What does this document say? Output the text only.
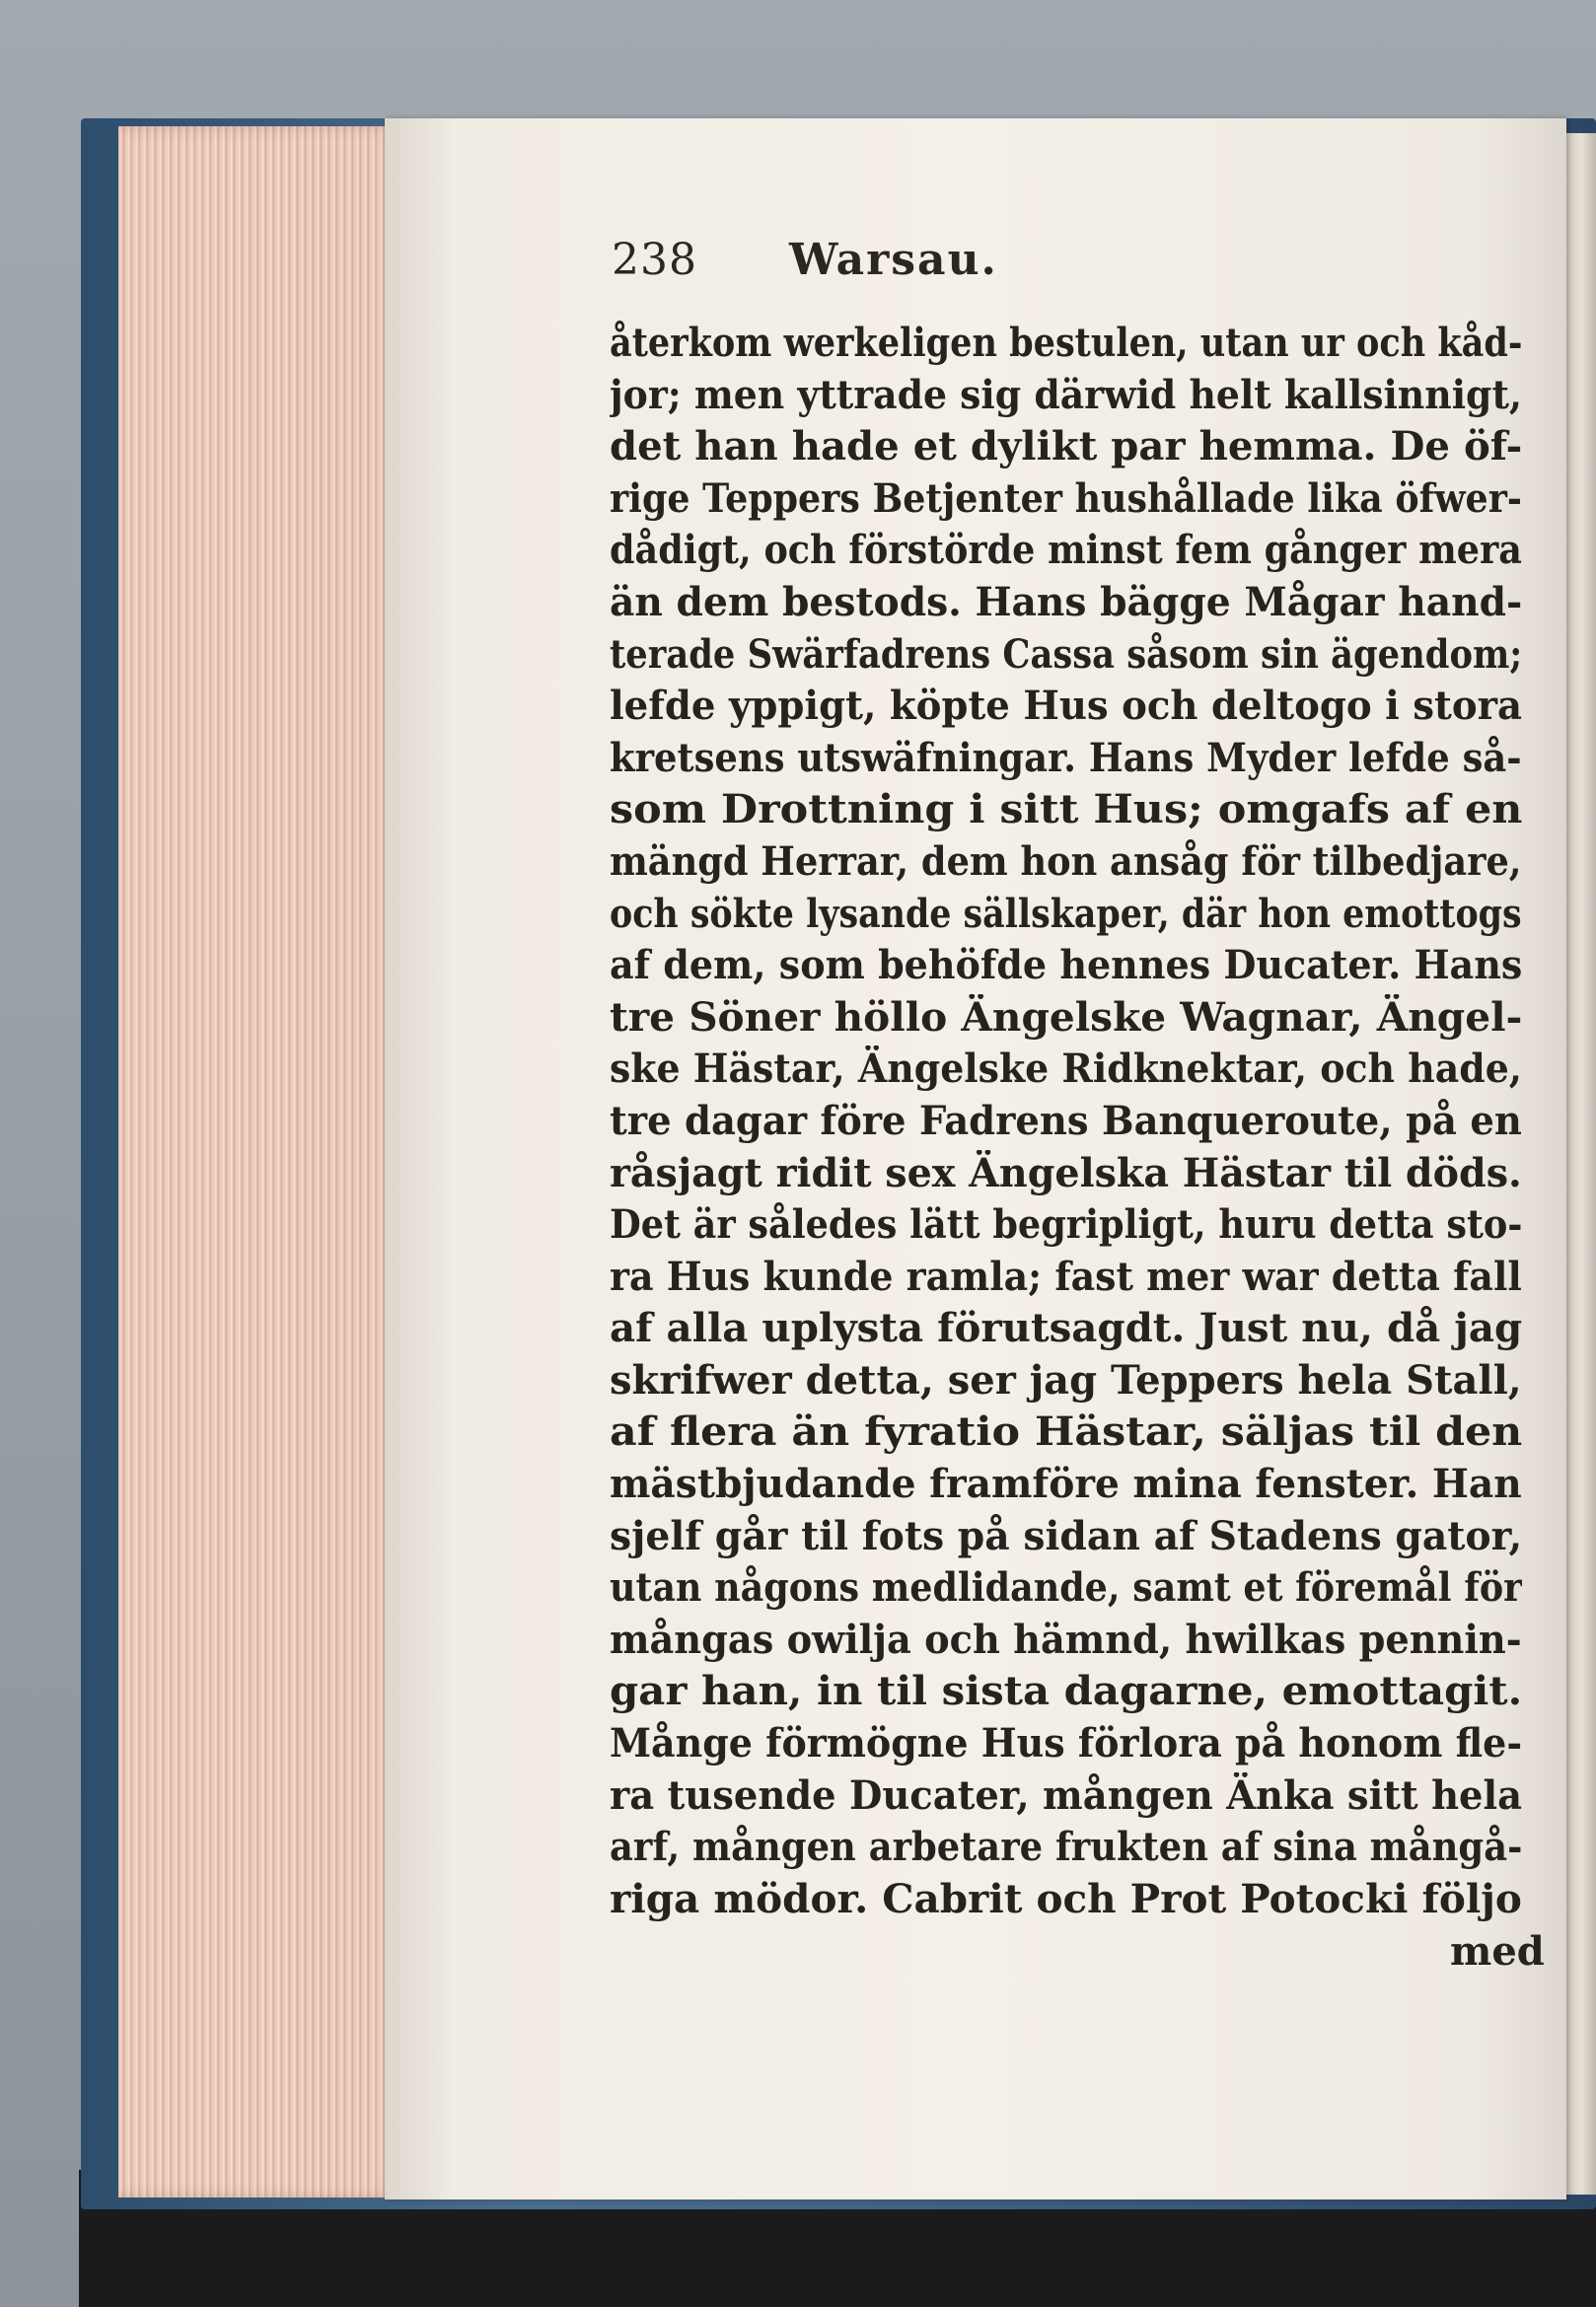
238 Warsau.
återkom werkeligen bestulen, utan ur och kåd-
jor; men yttrade sig därwid helt kallsinnigt,
det han hade et dylikt par hemma. De öf-
rige Teppers Betjenter hushållade lika öfwer-
dådigt, och förstörde minst fem gånger mera
än dem bestods. Hans bägge Mågar hand-
terade Swärfadrens Cassa såsom sin ägendom;
lefde yppigt, köpte Hus och deltogo i stora
kretsens utswäfningar. Hans Myder lefde så-
som Drottning i sitt Hus; omgafs af en
mängd Herrar, dem hon ansåg för tilbedjare,
och sökte lysande sällskaper, där hon emottogs
af dem, som behöfde hennes Ducater. Hans
tre Söner höllo Ängelske Wagnar, Ängel-
ske Hästar, Ängelske Ridknektar, och hade,
tre dagar före Fadrens Banqueroute, på en
råsjagt ridit sex Ängelska Hästar til döds.
Det är således lätt begripligt, huru detta sto-
ra Hus kunde ramla; fast mer war detta fall
af alla uplysta förutsagdt. Just nu, då jag
skrifwer detta, ser jag Teppers hela Stall,
af flera än fyratio Hästar, säljas til den
mästbjudande framföre mina fenster. Han
sjelf går til fots på sidan af Stadens gator,
utan någons medlidande, samt et föremål för
mångas owilja och hämnd, hwilkas pennin-
gar han, in til sista dagarne, emottagit.
Månge förmögne Hus förlora på honom fle-
ra tusende Ducater, mången Änka sitt hela
arf, mången arbetare frukten af sina mångå-
riga mödor. Cabrit och Prot Potocki följo
med
